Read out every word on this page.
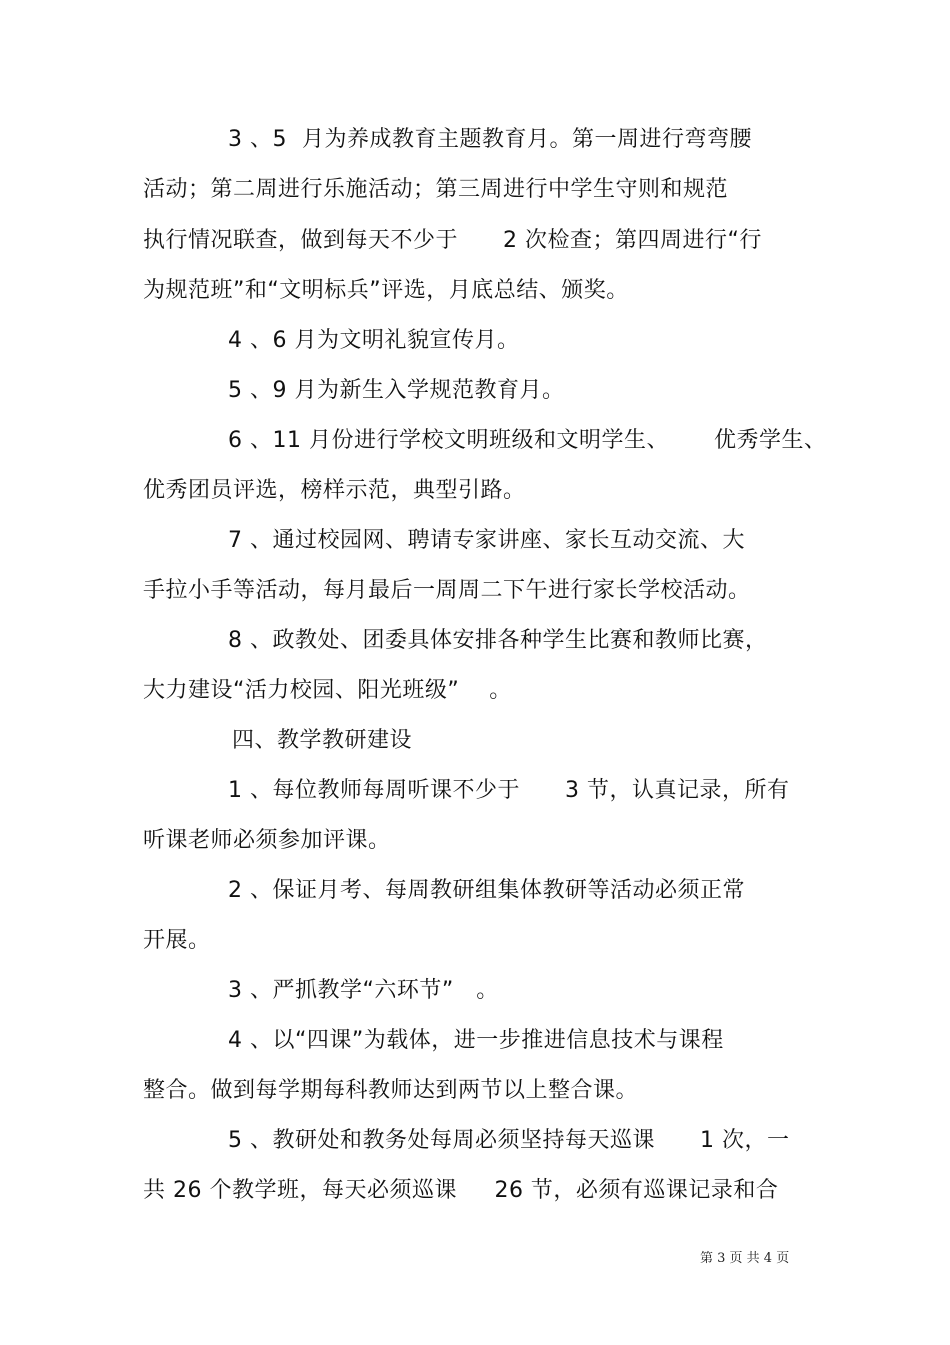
3 、5  月为养成教育主题教育月。第一周进行弯弯腰
活动；第二周进行乐施活动；第三周进行中学生守则和规范
执行情况联查，做到每天不少于      2 次检查；第四周进行“行
为规范班”和“文明标兵”评选，月底总结、颁奖。
4 、6 月为文明礼貌宣传月。
5 、9 月为新生入学规范教育月。
6 、11 月份进行学校文明班级和文明学生、      优秀学生、
优秀团员评选，榜样示范，典型引路。
7 、通过校园网、聘请专家讲座、家长互动交流、大
手拉小手等活动，每月最后一周周二下午进行家长学校活动。
8 、政教处、团委具体安排各种学生比赛和教师比赛，
大力建设“活力校园、阳光班级”    。
四、教学教研建设
1 、每位教师每周听课不少于      3 节，认真记录，所有
听课老师必须参加评课。
2 、保证月考、每周教研组集体教研等活动必须正常
开展。
3 、严抓教学“六环节”   。
4 、以“四课”为载体，进一步推进信息技术与课程
整合。做到每学期每科教师达到两节以上整合课。
5 、教研处和教务处每周必须坚持每天巡课      1 次，一
共 26 个教学班，每天必须巡课     26 节，必须有巡课记录和合
第 3 页 共 4 页
